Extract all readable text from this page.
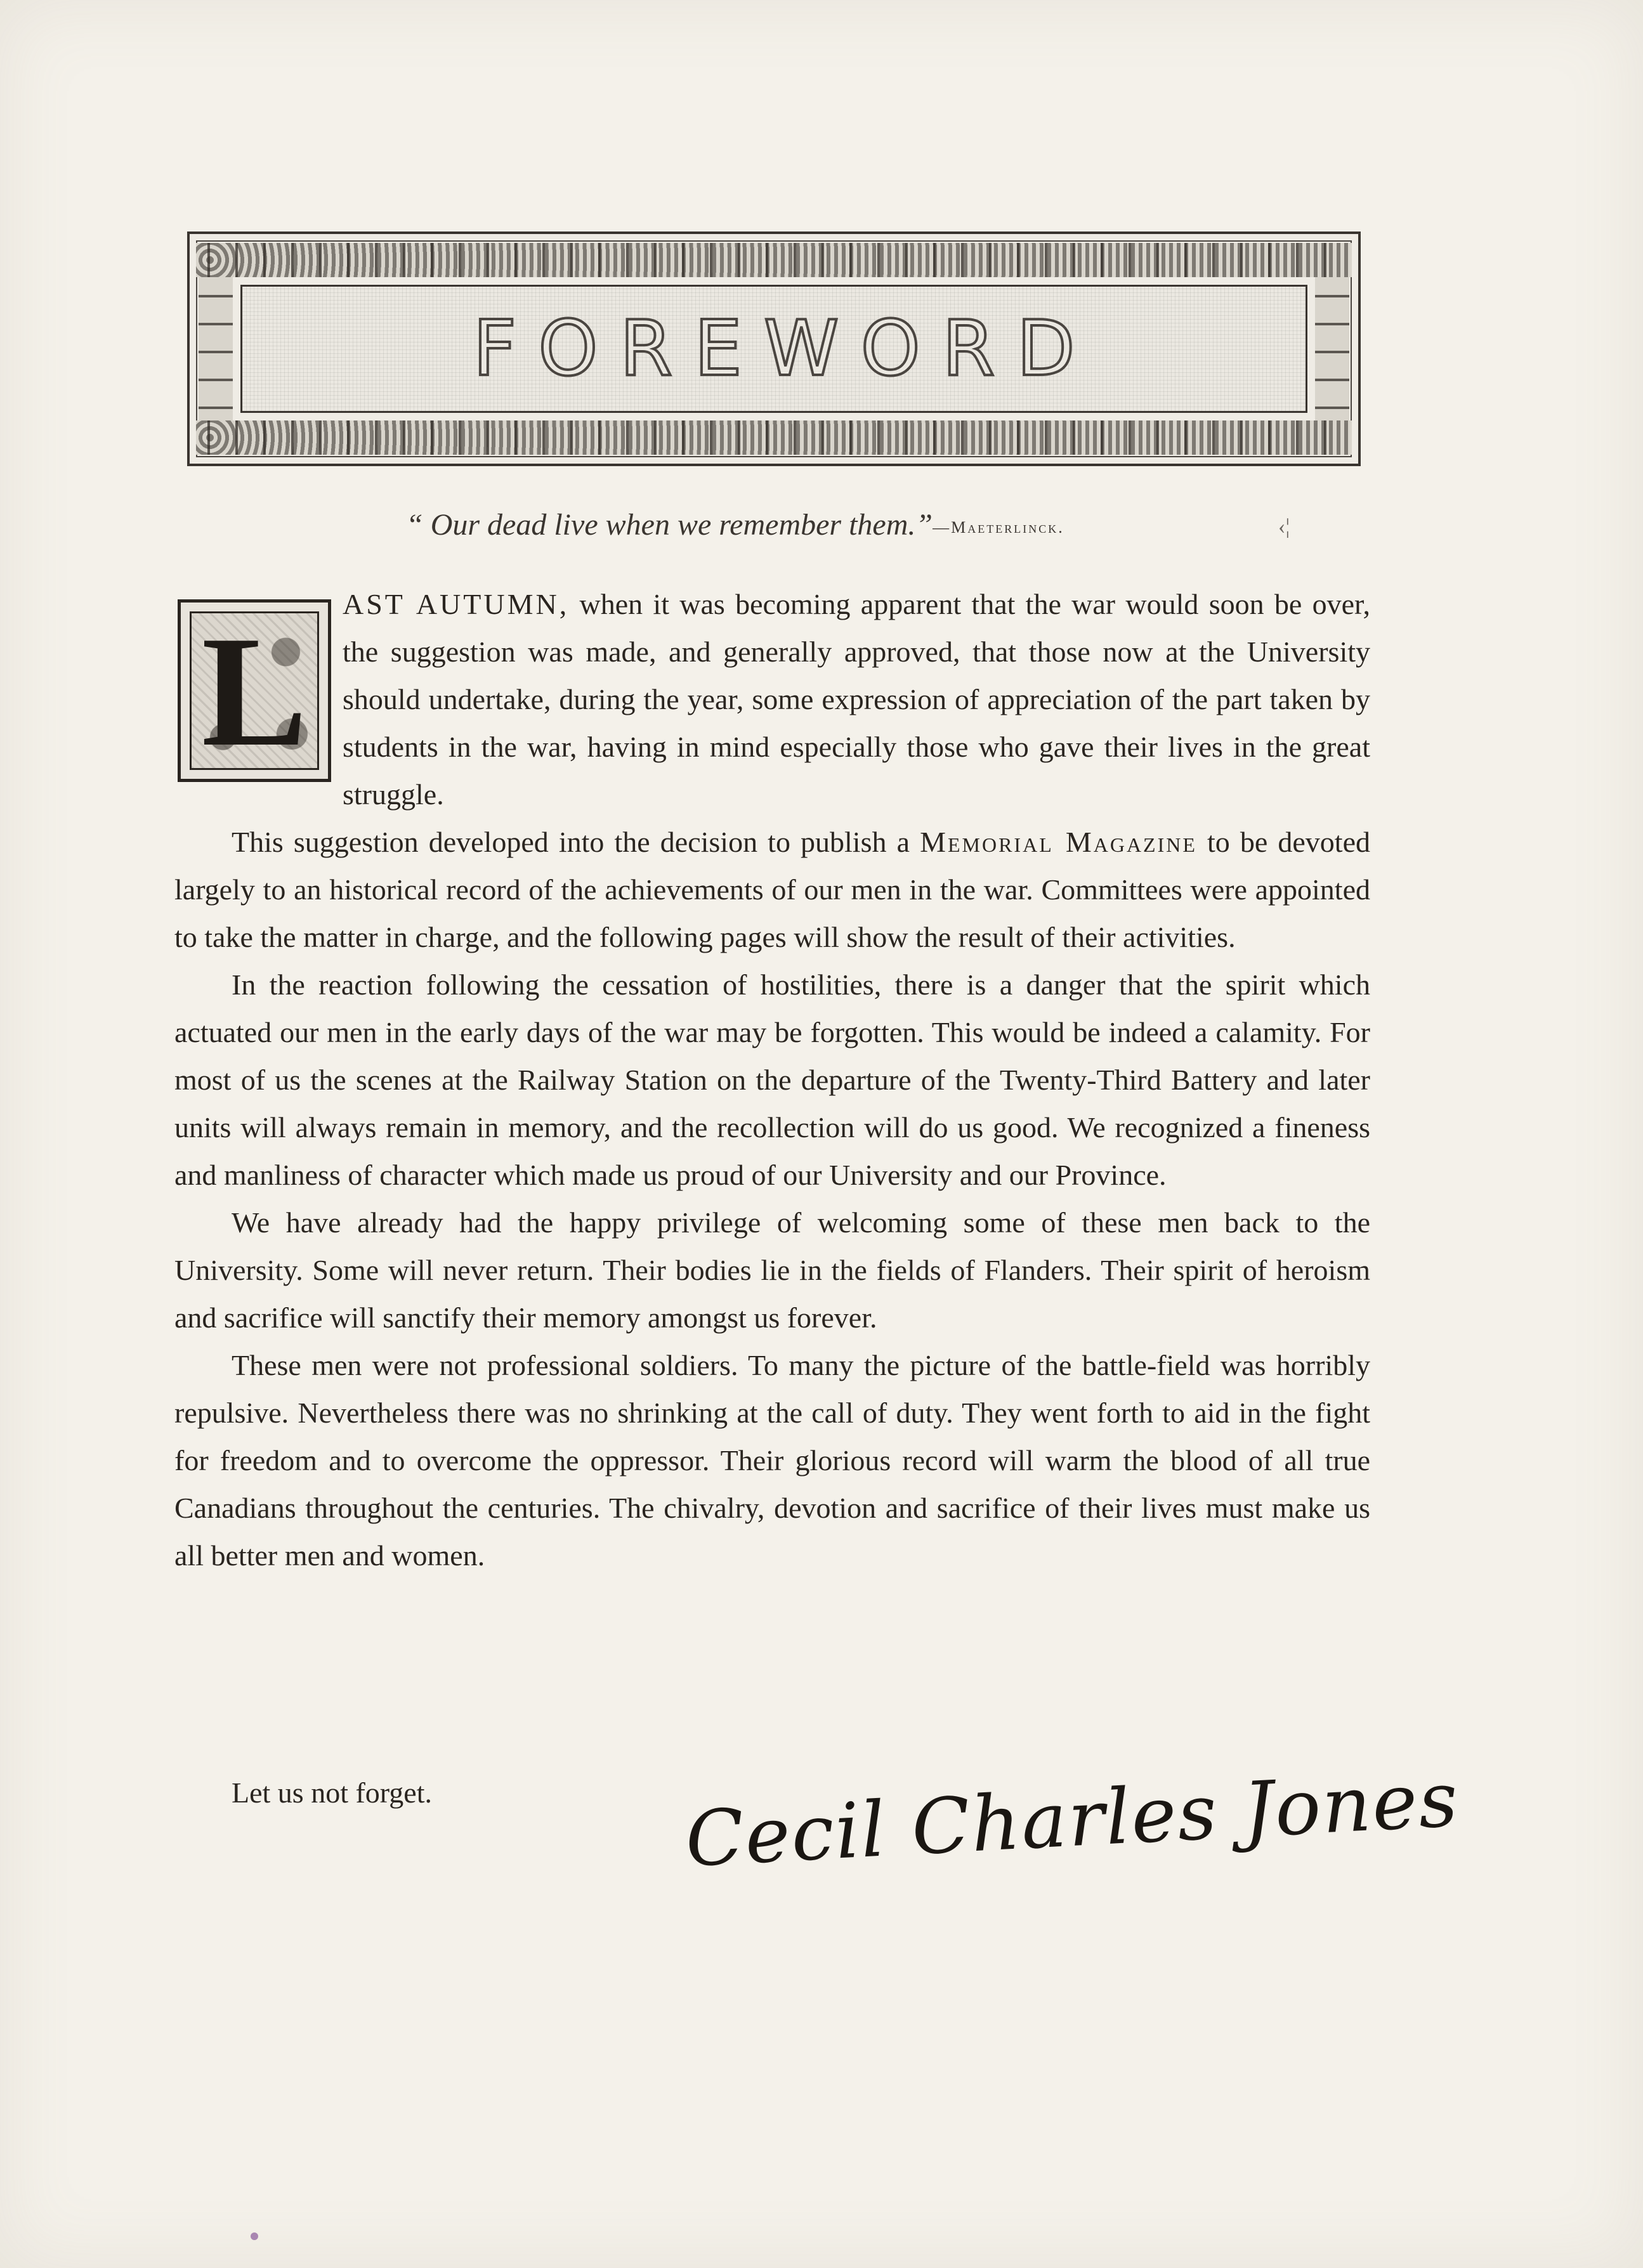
FOREWORD
“ Our dead live when we remember them.”—Maeterlinck.	‹¦
L	AST AUTUMN, when it was becoming apparent that the war would soon be over, the suggestion was made, and generally approved, that those now at the University should undertake, during the year, some expression of appreciation of the part taken by students in the war, having in mind especially those who gave their lives in the great struggle.

This suggestion developed into the decision to publish a Memorial Magazine to be devoted largely to an historical record of the achievements of our men in the war. Committees were appointed to take the matter in charge, and the following pages will show the result of their activities.

In the reaction following the cessation of hostilities, there is a danger that the spirit which actuated our men in the early days of the war may be forgotten. This would be indeed a calamity. For most of us the scenes at the Railway Station on the departure of the Twenty-Third Battery and later units will always remain in memory, and the recollection will do us good. We recognized a fineness and manliness of character which made us proud of our University and our Province.

We have already had the happy privilege of welcoming some of these men back to the University. Some will never return. Their bodies lie in the fields of Flanders. Their spirit of heroism and sacrifice will sanctify their memory amongst us forever.

These men were not professional soldiers. To many the picture of the battle-field was horribly repulsive. Nevertheless there was no shrinking at the call of duty. They went forth to aid in the fight for freedom and to overcome the oppressor. Their glorious record will warm the blood of all true Canadians throughout the centuries. The chivalry, devotion and sacrifice of their lives must make us all better men and women.

Let us not forget.	Cecil Charles Jones
